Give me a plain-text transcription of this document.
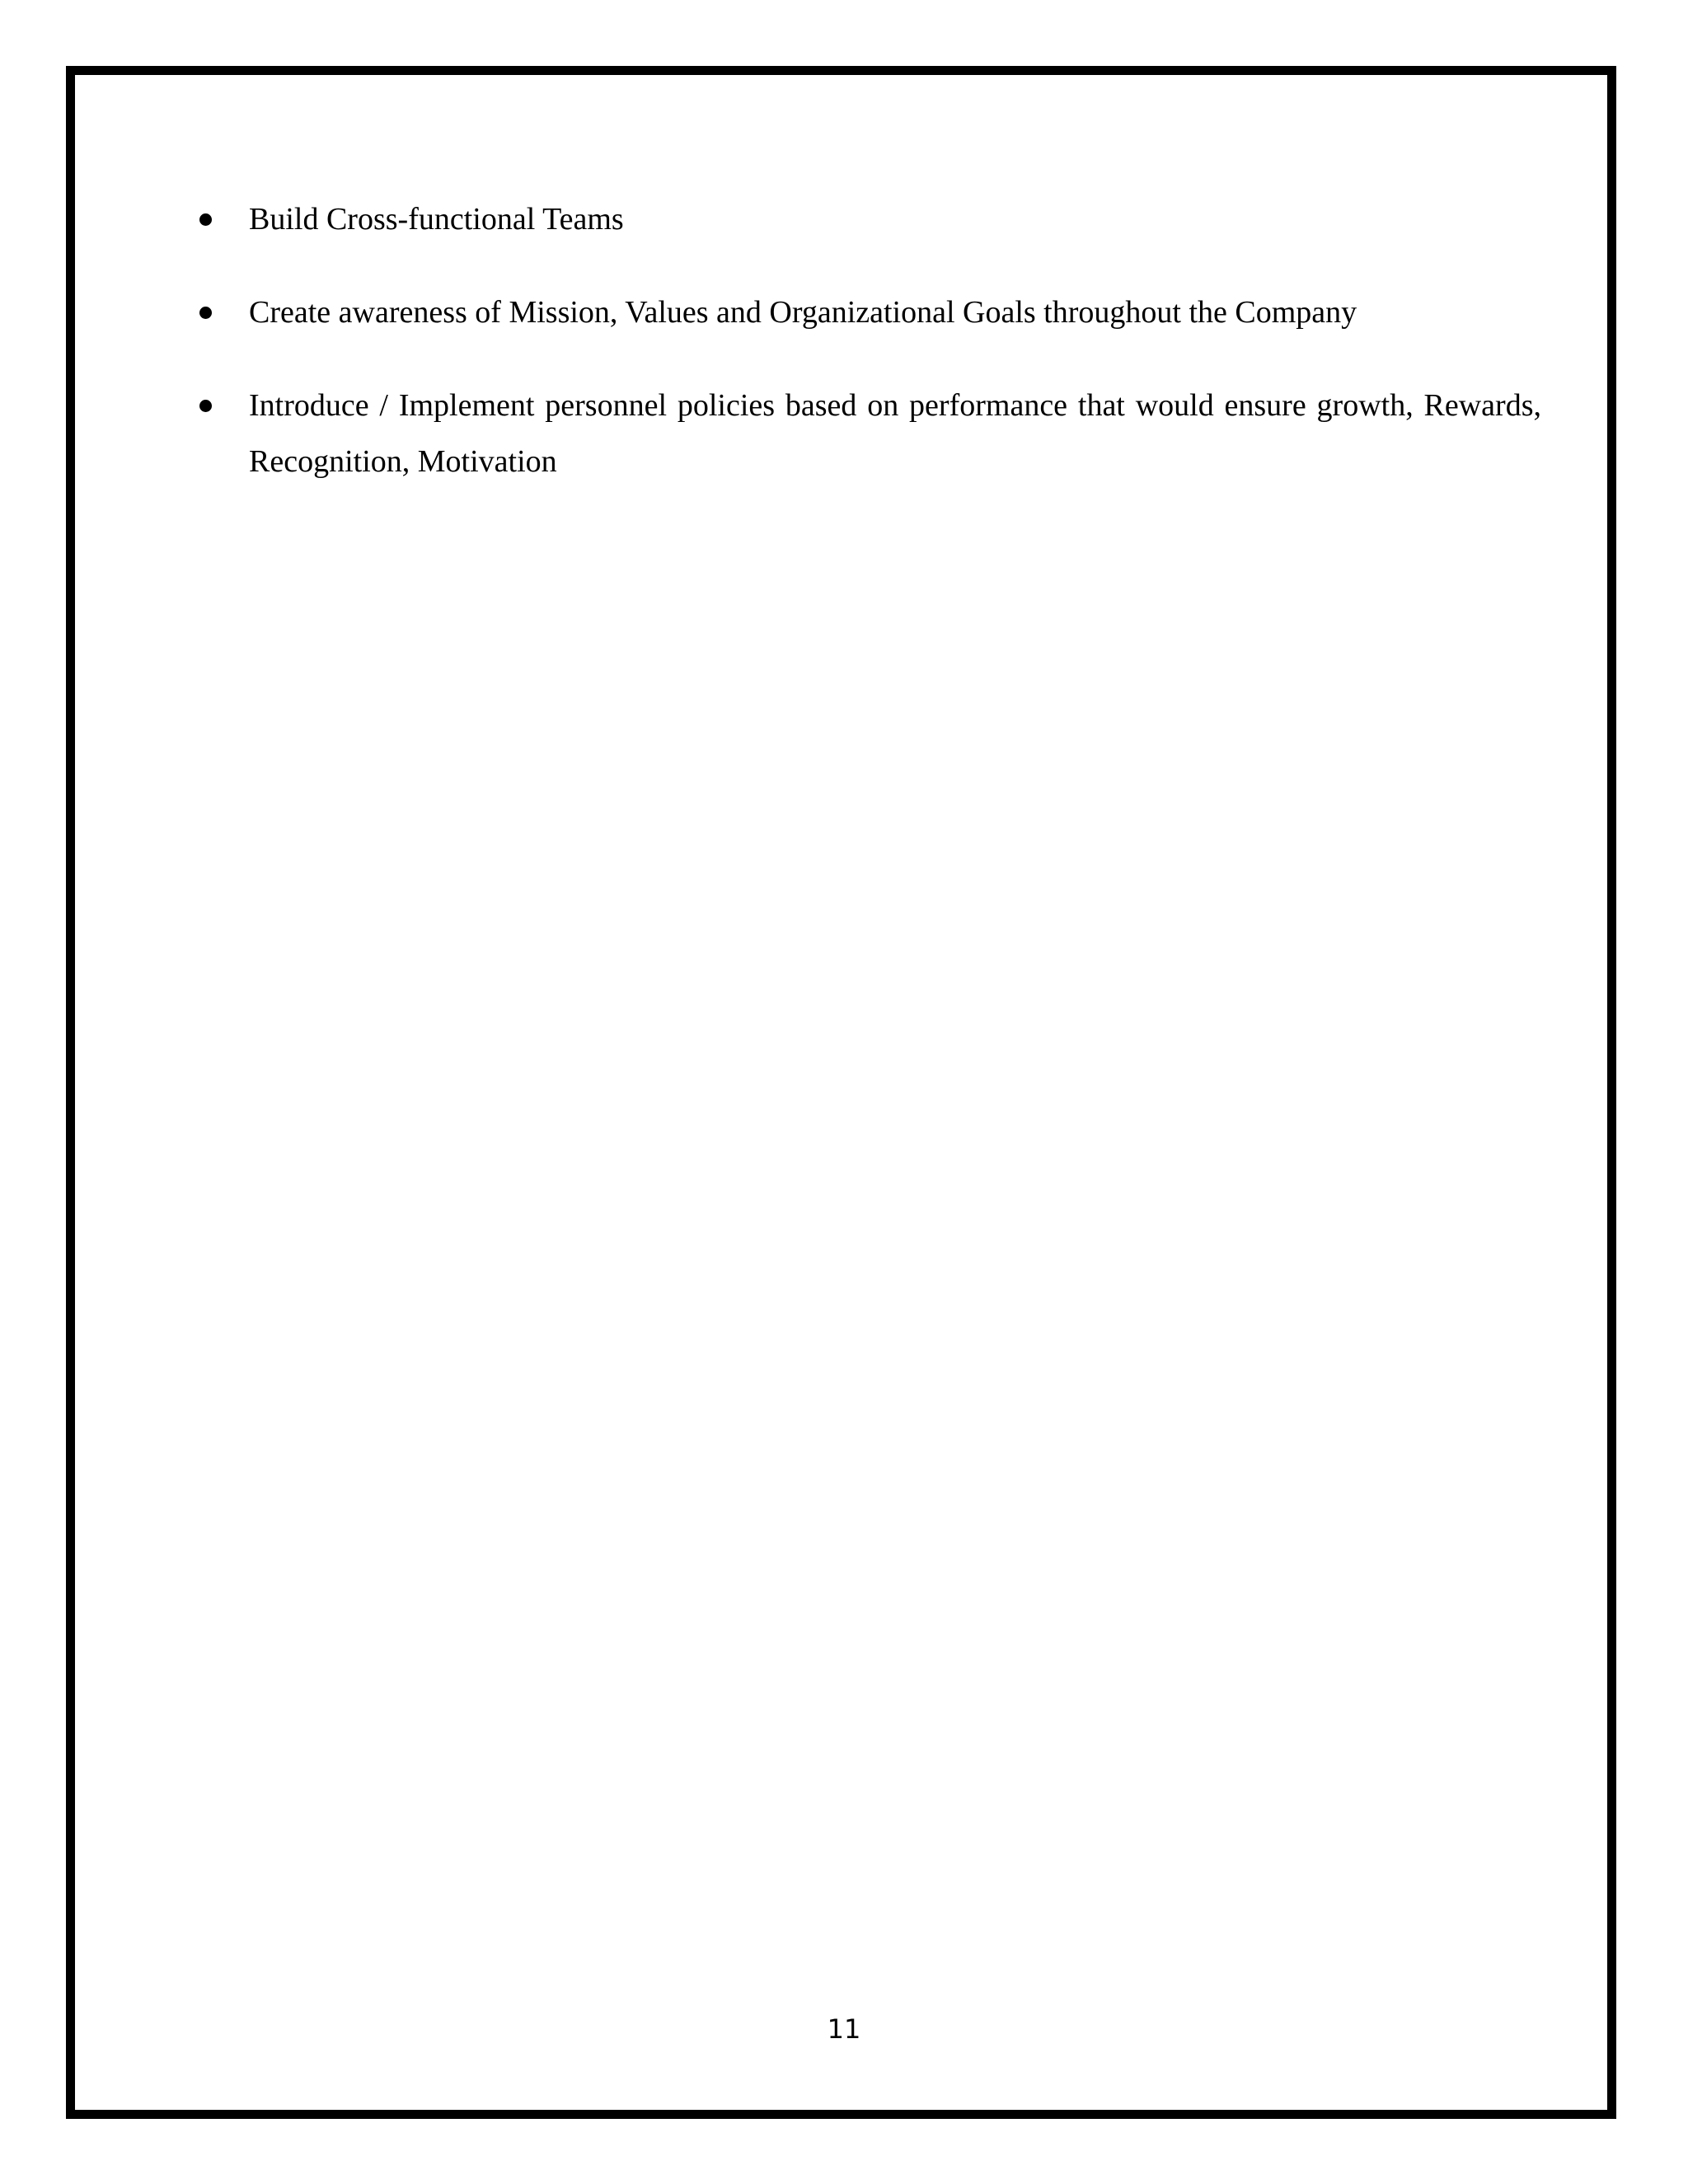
Build Cross-functional Teams
Create awareness of Mission, Values and Organizational Goals throughout the Company
Introduce / Implement personnel policies based on performance that would ensure growth, Rewards, Recognition, Motivation
11
